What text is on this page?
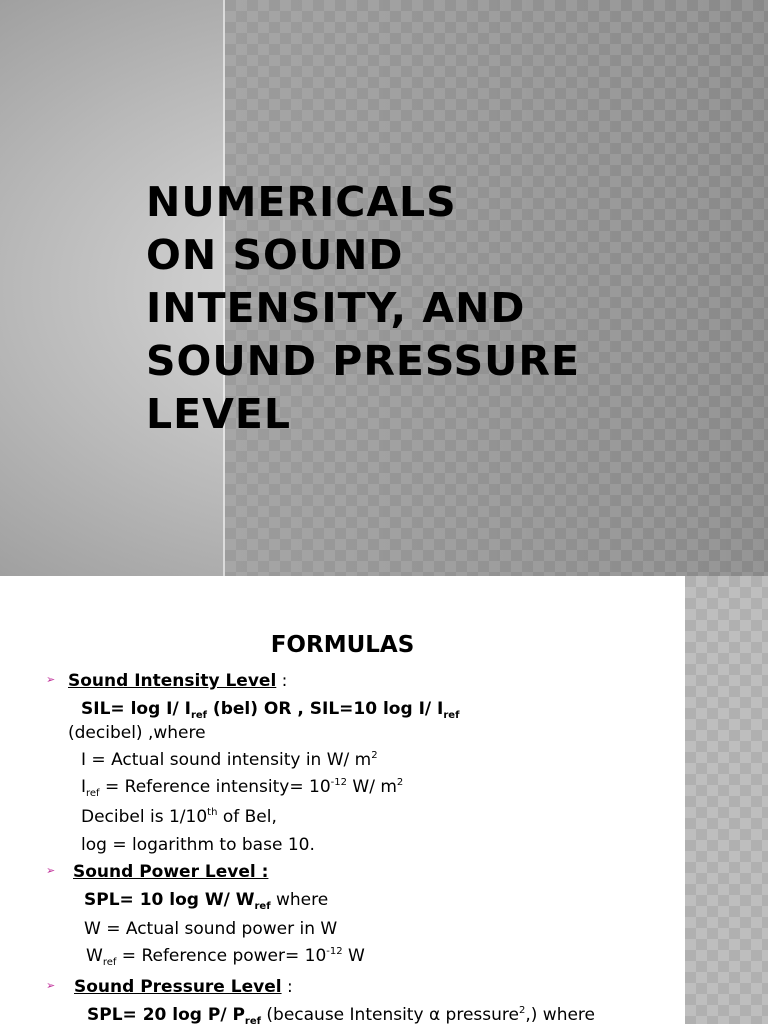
NUMERICALS
ON SOUND
INTENSITY, AND
SOUND PRESSURE
LEVEL
FORMULAS
➢ Sound Intensity Level :
SIL= log I/ $I_{ref}$ (bel) OR , SIL=10 log I/ $I_{ref}$
(decibel) ,where
I = Actual sound intensity in W/ $m^2$
$I_{ref}$ = Reference intensity= $10^{-12}$ W/ $m^2$
Decibel is 1/10th of Bel,
log = logarithm to base 10.
➢ Sound Power Level :
SPL= 10 log W/ $W_{ref}$ where
W = Actual sound power in W
$W_{ref}$ = Reference power= $10^{-12}$ W
➢ Sound Pressure Level :
SPL= 20 log P/ $P_{ref}$ (because Intensity α pressure$^2$,) where
